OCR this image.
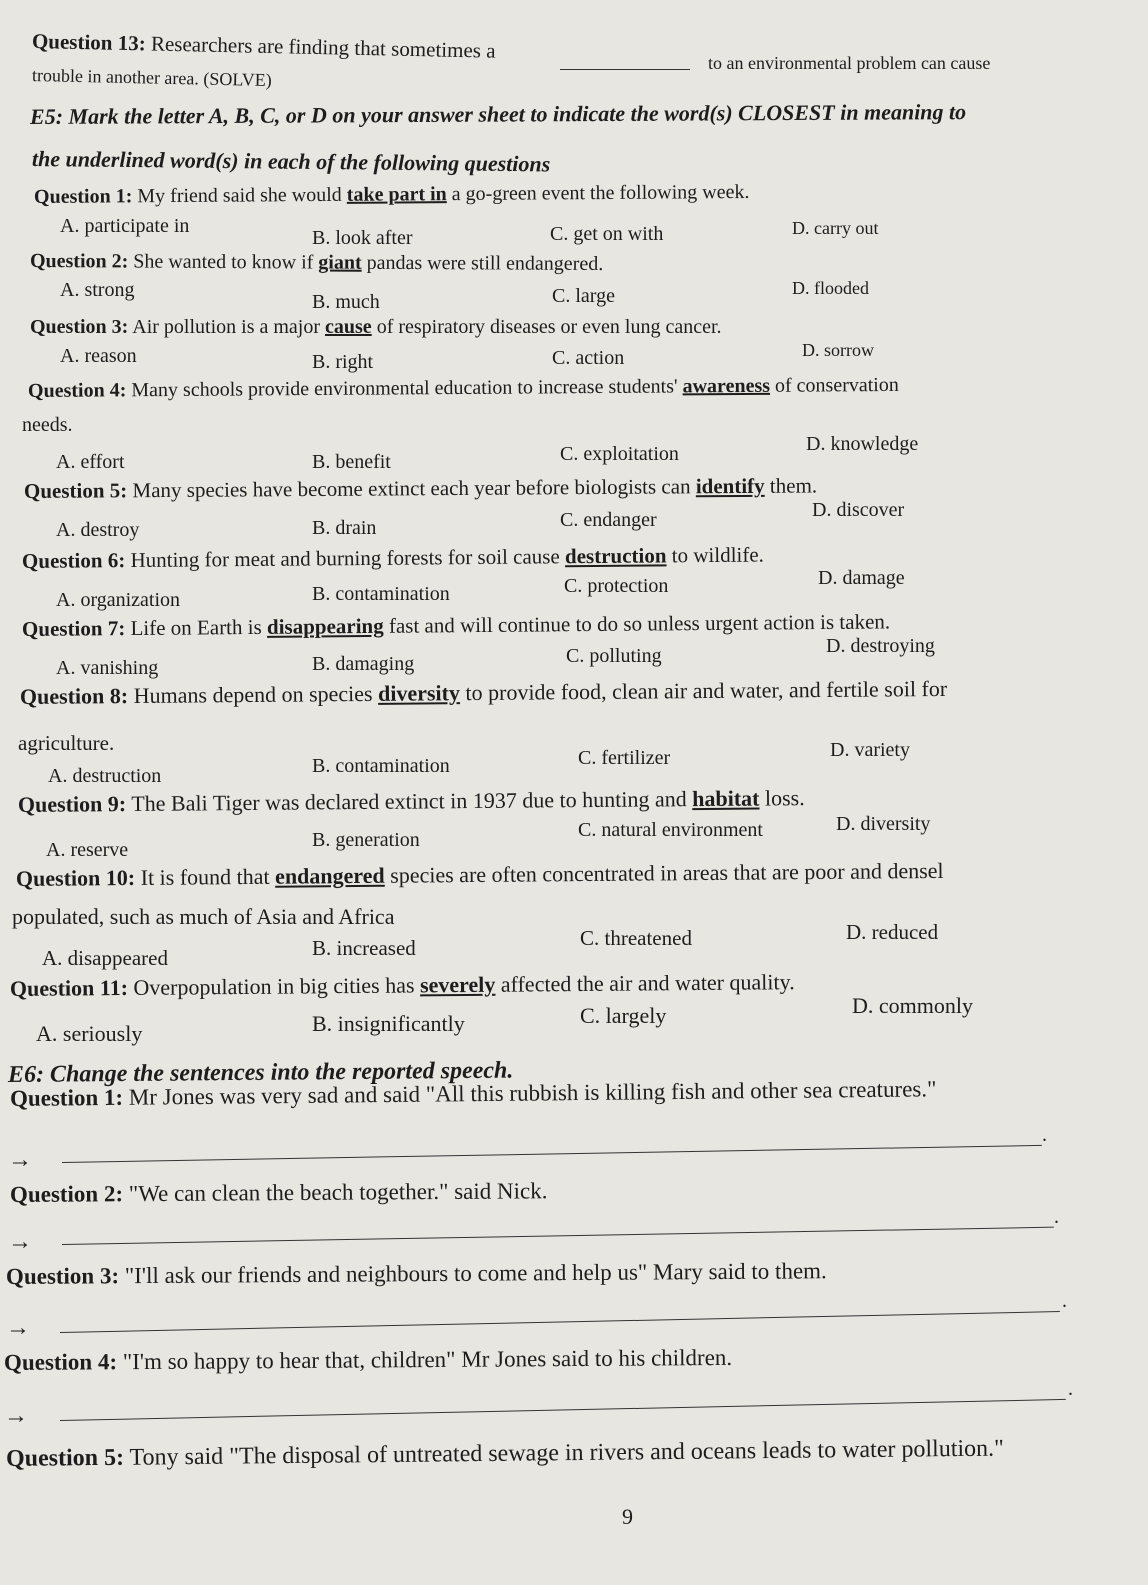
Question 13: Researchers are finding that sometimes a
to an environmental problem can cause
trouble in another area. (SOLVE)
E5: Mark the letter A, B, C, or D on your answer sheet to indicate the word(s) CLOSEST in meaning to
the underlined word(s) in each of the following questions
Question 1: My friend said she would take part in a go-green event the following week.
A. participate in
B. look after	C. get on with	D. carry out
Question 2: She wanted to know if giant pandas were still endangered.
A. strong
B. much	C. large	D. flooded
Question 3: Air pollution is a major cause of respiratory diseases or even lung cancer.
A. reason	B. right	C. action	D. sorrow
Question 4: Many schools provide environmental education to increase students' awareness of conservation
needs.
A. effort	B. benefit	C. exploitation	D. knowledge
Question 5: Many species have become extinct each year before biologists can identify them.
A. destroy	B. drain	C. endanger	D. discover
Question 6: Hunting for meat and burning forests for soil cause destruction to wildlife.
A. organization	B. contamination	C. protection	D. damage
Question 7: Life on Earth is disappearing fast and will continue to do so unless urgent action is taken.
A. vanishing	B. damaging	C. polluting	D. destroying
Question 8: Humans depend on species diversity to provide food, clean air and water, and fertile soil for
agriculture.
A. destruction	B. contamination	C. fertilizer	D. variety
Question 9: The Bali Tiger was declared extinct in 1937 due to hunting and habitat loss.
A. reserve	B. generation	C. natural environment	D. diversity
Question 10: It is found that endangered species are often concentrated in areas that are poor and densel
populated, such as much of Asia and Africa
A. disappeared	B. increased	C. threatened	D. reduced
Question 11: Overpopulation in big cities has severely affected the air and water quality.
A. seriously	B. insignificantly	C. largely	D. commonly
E6: Change the sentences into the reported speech.
Question 1: Mr Jones was very sad and said "All this rubbish is killing fish and other sea creatures."
→
.
Question 2: "We can clean the beach together." said Nick.
→
.
Question 3: "I'll ask our friends and neighbours to come and help us" Mary said to them.
→
.
Question 4: "I'm so happy to hear that, children" Mr Jones said to his children.
→
.
Question 5: Tony said "The disposal of untreated sewage in rivers and oceans leads to water pollution."
9
